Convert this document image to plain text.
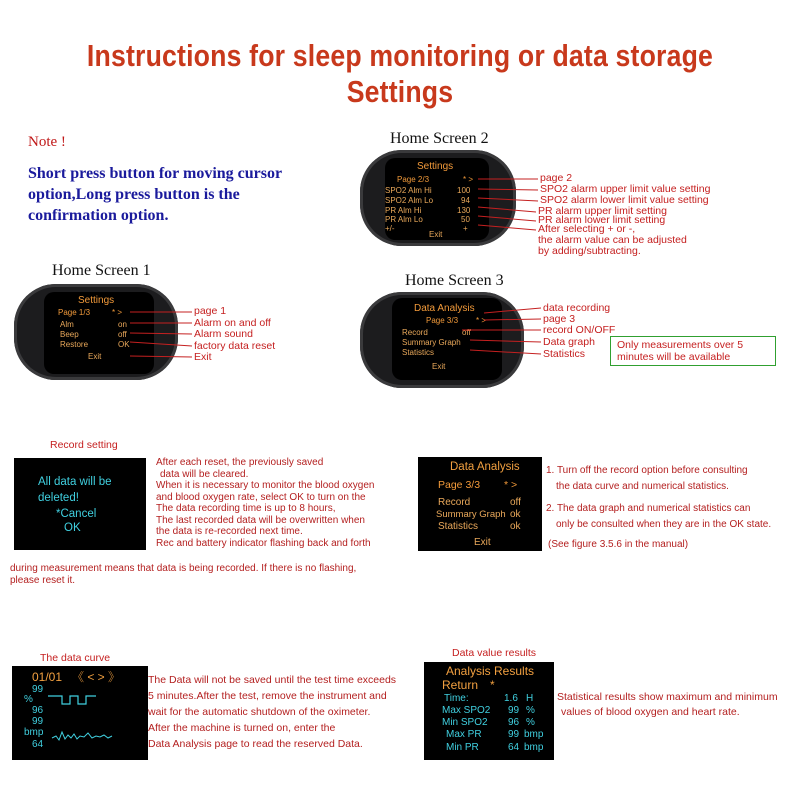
Instructions for sleep monitoring or data storage Settings
Note !
Short press button for moving cursor
option,Long press button is the
confirmation option.
Home Screen 2
Settings
Page 2/3	* >
SPO2 Alm Hi	100
SPO2 Alm Lo	94
PR Alm Hi	130
PR Alm Lo	50
+/-	+
Exit
page 2
SPO2 alarm upper limit value setting
SPO2 alarm lower limit value setting
PR alarm upper limit setting
PR alarm lower limit setting
After selecting + or -,
the alarm value can be adjusted
by adding/subtracting.
Home Screen 1
Settings
Page 1/3	* >
Alm	on
Beep	off
Restore	OK
Exit
page 1
Alarm on and off
Alarm sound
factory data reset
Exit
Home Screen 3
Data Analysis
Page 3/3 * >
Record	off
Summary Graph
Statistics
Exit
data recording
page 3
record ON/OFF
Data graph
Statistics
Only measurements over 5
minutes will be available
Record setting
All data will be
deleted!
*Cancel
OK
After each reset, the previously saved
data will be cleared.
When it is necessary to monitor the blood oxygen
and blood oxygen rate, select OK to turn on the
The data recording time is up to 8 hours,
The last recorded data will be overwritten when
the data is re-recorded next time.
Rec and battery indicator flashing back and forth
during measurement means that data is being recorded. If there is no flashing,
please reset it.
Data Analysis
Page 3/3 * >
Record	off
Summary Graph ok
Statistics	ok
Exit
1. Turn off the record option before consulting
the data curve and numerical statistics.
2. The data graph and numerical statistics can
only be consulted when they are in the OK state.
(See figure 3.5.6 in the manual)
The data curve
01/01 《 < > 》
99
%
96
99
bmp
64
The Data will not be saved until the test time exceeds
5 minutes.After the test, remove the instrument and
wait for the automatic shutdown of the oximeter.
After the machine is turned on, enter the
Data Analysis page to read the reserved Data.
Data value results
Analysis Results
Return *
Time:	1.6 H
Max SPO2 99 %
Min SPO2 96 %
Max PR	99 bmp
Min PR	64 bmp
Statistical results show maximum and minimum
values of blood oxygen and heart rate.
